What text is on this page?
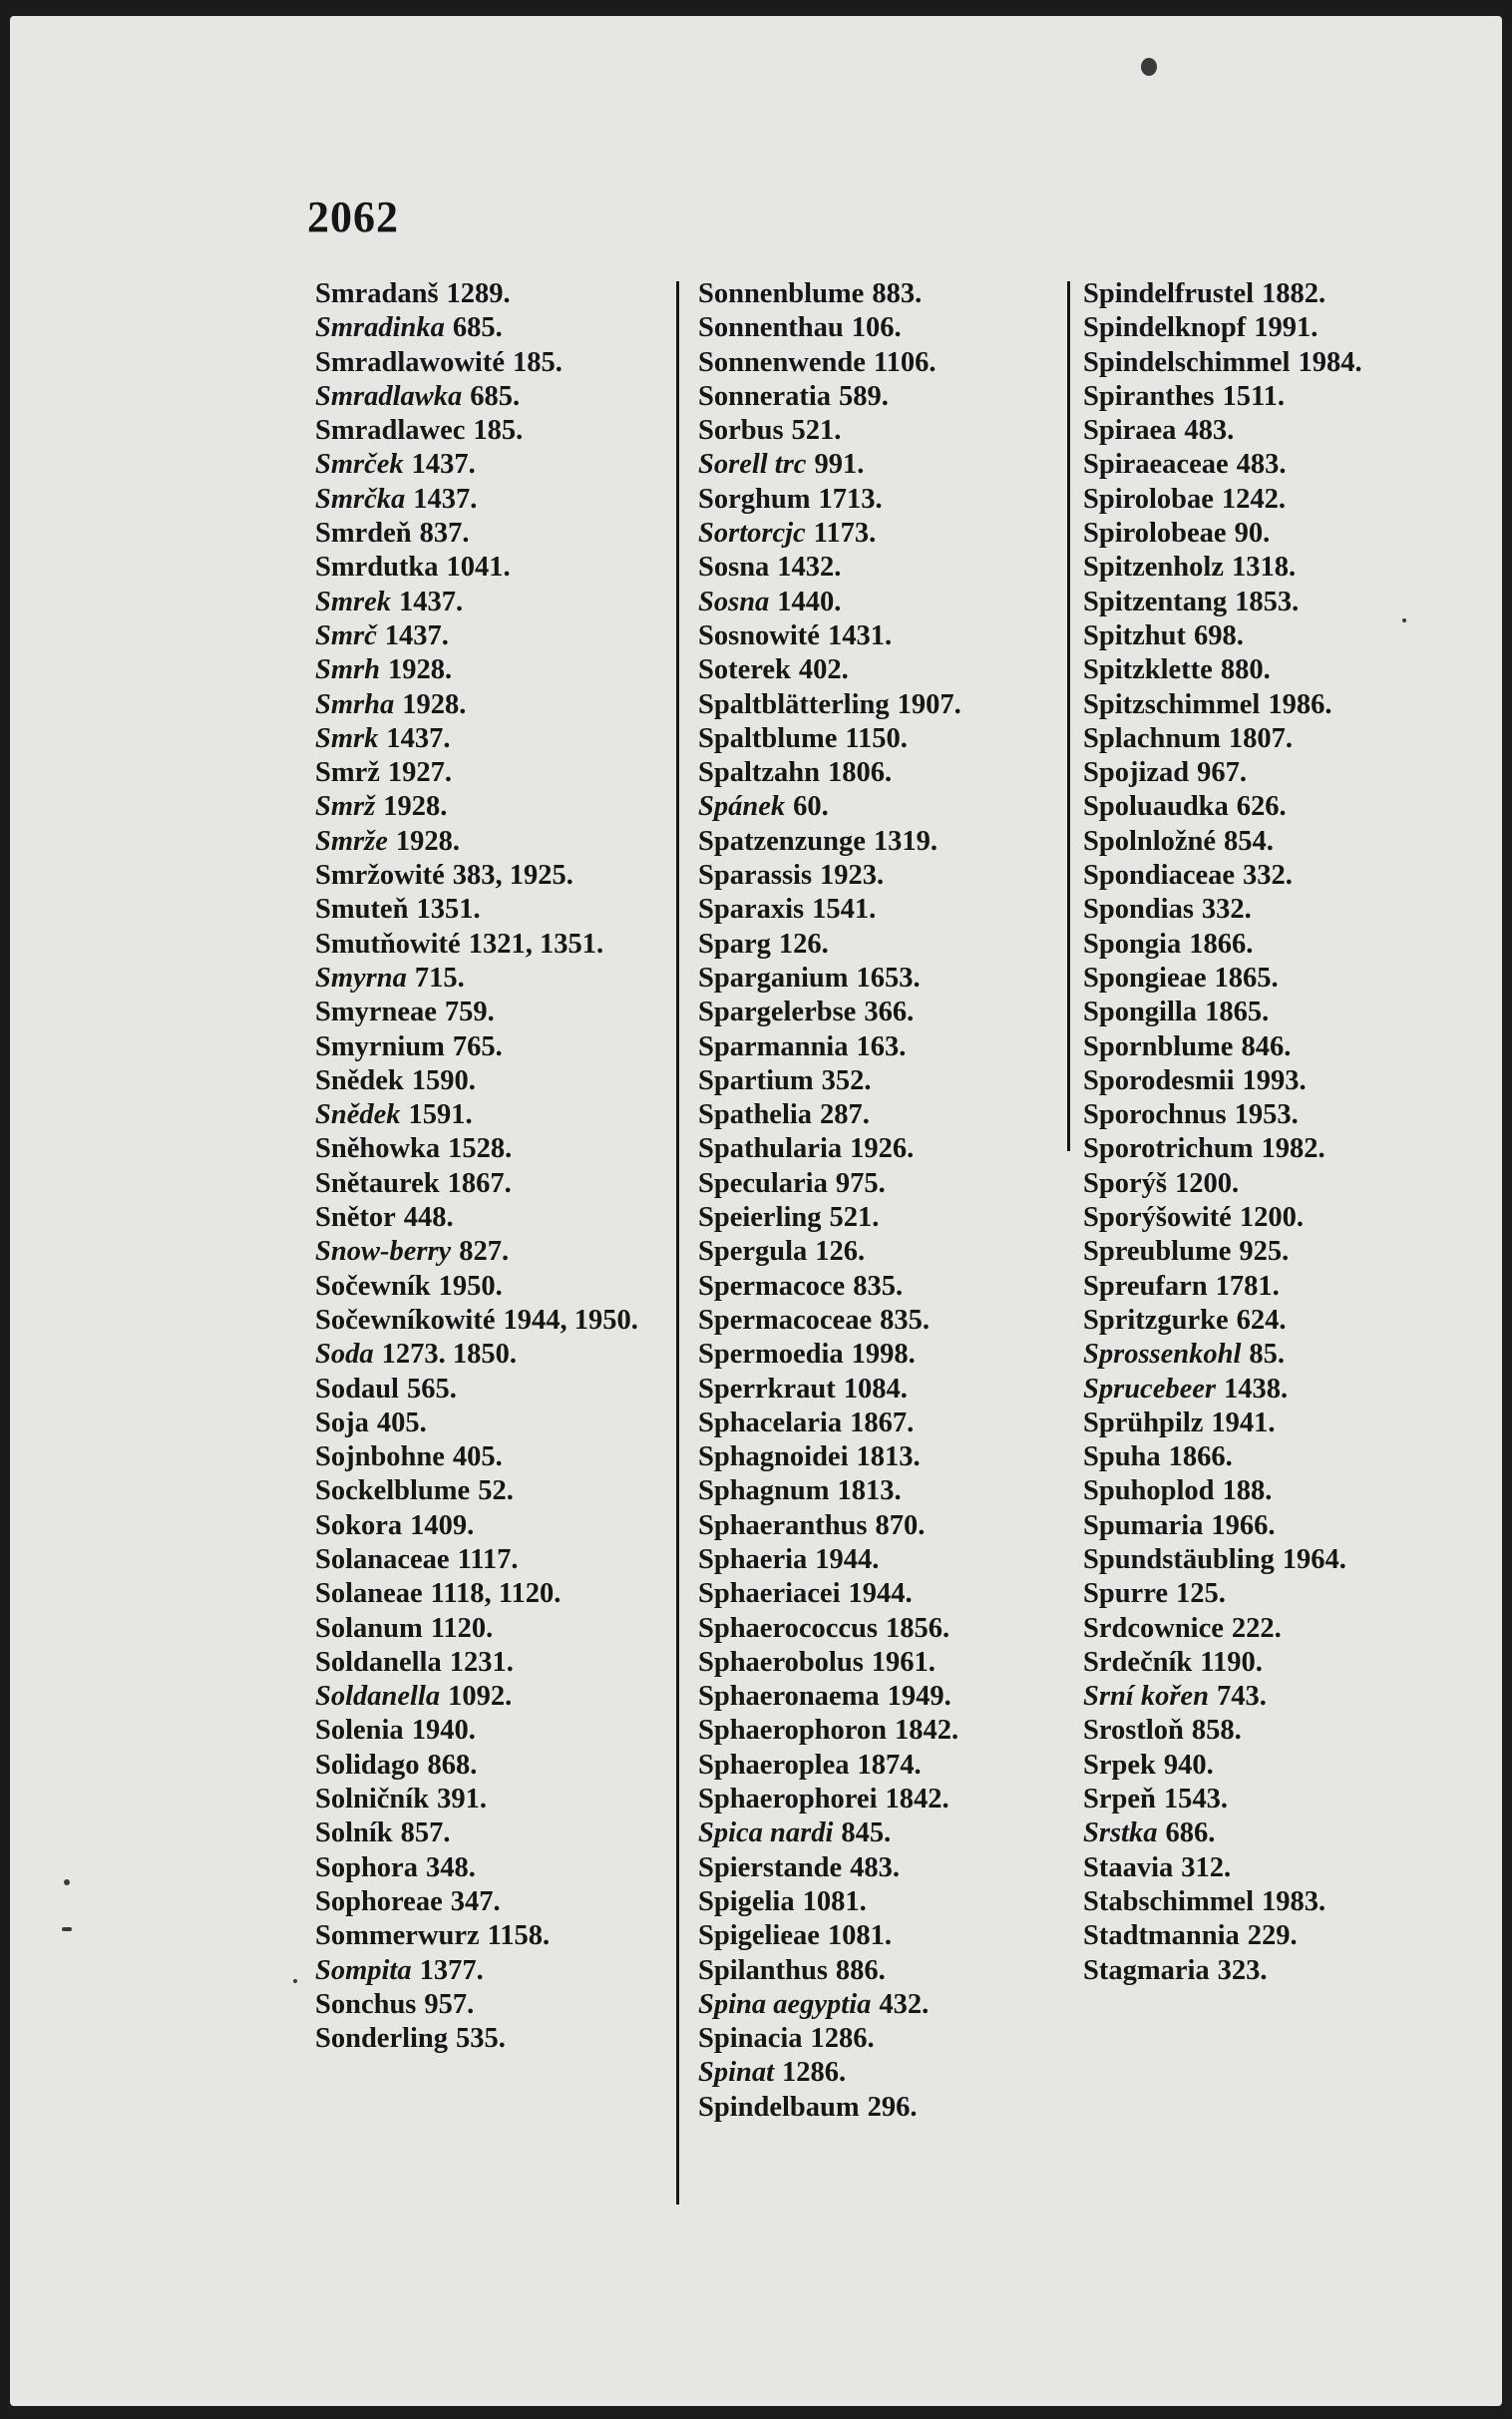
2062
Smradanš 1289.
Smradinka 685.
Smradlawowité 185.
Smradlawka 685.
Smradlawec 185.
Smrček 1437.
Smrčka 1437.
Smrdeň 837.
Smrdutka 1041.
Smrek 1437.
Smrč 1437.
Smrh 1928.
Smrha 1928.
Smrk 1437.
Smrž 1927.
Smrž 1928.
Smrže 1928.
Smržowité 383, 1925.
Smuteň 1351.
Smutňowité 1321, 1351.
Smyrna 715.
Smyrneae 759.
Smyrnium 765.
Snědek 1590.
Snědek 1591.
Sněhowka 1528.
Snětaurek 1867.
Snětor 448.
Snow-berry 827.
Sočewník 1950.
Sočewníkowité 1944, 1950.
Soda 1273. 1850.
Sodaul 565.
Soja 405.
Sojnbohne 405.
Sockelblume 52.
Sokora 1409.
Solanaceae 1117.
Solaneae 1118, 1120.
Solanum 1120.
Soldanella 1231.
Soldanella 1092.
Solenia 1940.
Solidago 868.
Solničník 391.
Solník 857.
Sophora 348.
Sophoreae 347.
Sommerwurz 1158.
Sompita 1377.
Sonchus 957.
Sonderling 535.
Sonnenblume 883.
Sonnenthau 106.
Sonnenwende 1106.
Sonneratia 589.
Sorbus 521.
Sorell trc 991.
Sorghum 1713.
Sortorcjc 1173.
Sosna 1432.
Sosna 1440.
Sosnowité 1431.
Soterek 402.
Spaltblätterling 1907.
Spaltblume 1150.
Spaltzahn 1806.
Spánek 60.
Spatzenzunge 1319.
Sparassis 1923.
Sparaxis 1541.
Sparg 126.
Sparganium 1653.
Spargelerbse 366.
Sparmannia 163.
Spartium 352.
Spathelia 287.
Spathularia 1926.
Specularia 975.
Speierling 521.
Spergula 126.
Spermacoce 835.
Spermacoceae 835.
Spermoedia 1998.
Sperrkraut 1084.
Sphacelaria 1867.
Sphagnoidei 1813.
Sphagnum 1813.
Sphaeranthus 870.
Sphaeria 1944.
Sphaeriacei 1944.
Sphaerococcus 1856.
Sphaerobolus 1961.
Sphaeronaema 1949.
Sphaerophoron 1842.
Sphaeroplea 1874.
Sphaerophorei 1842.
Spica nardi 845.
Spierstande 483.
Spigelia 1081.
Spigelieae 1081.
Spilanthus 886.
Spina aegyptia 432.
Spinacia 1286.
Spinat 1286.
Spindelbaum 296.
Spindelfrustel 1882.
Spindelknopf 1991.
Spindelschimmel 1984.
Spiranthes 1511.
Spiraea 483.
Spiraeaceae 483.
Spirolobae 1242.
Spirolobeae 90.
Spitzenholz 1318.
Spitzentang 1853.
Spitzhut 698.
Spitzklette 880.
Spitzschimmel 1986.
Splachnum 1807.
Spojizad 967.
Spoluaudka 626.
Spolnložné 854.
Spondiaceae 332.
Spondias 332.
Spongia 1866.
Spongieae 1865.
Spongilla 1865.
Spornblume 846.
Sporodesmii 1993.
Sporochnus 1953.
Sporotrichum 1982.
Sporýš 1200.
Sporýšowité 1200.
Spreublume 925.
Spreufarn 1781.
Spritzgurke 624.
Sprossenkohl 85.
Sprucebeer 1438.
Sprühpilz 1941.
Spuha 1866.
Spuhoplod 188.
Spumaria 1966.
Spundstäubling 1964.
Spurre 125.
Srdcownice 222.
Srdečník 1190.
Srní kořen 743.
Srostloň 858.
Srpek 940.
Srpeň 1543.
Srstka 686.
Staavia 312.
Stabschimmel 1983.
Stadtmannia 229.
Stagmaria 323.
